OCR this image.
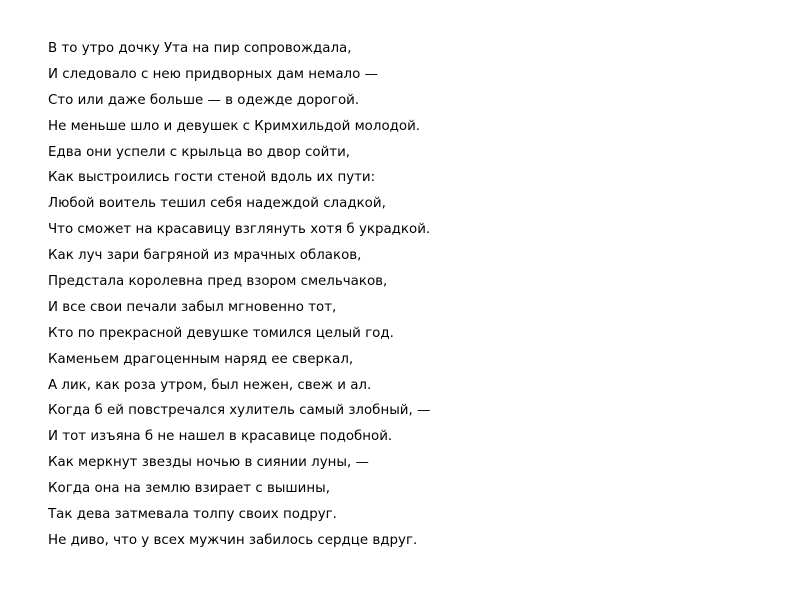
В то утро дочку Ута на пир сопровождала,
И следовало с нею придворных дам немало —
Сто или даже больше — в одежде дорогой.
Не меньше шло и девушек с Кримхильдой молодой.
Едва они успели с крыльца во двор сойти,
Как выстроились гости стеной вдоль их пути:
Любой воитель тешил себя надеждой сладкой,
Что сможет на красавицу взглянуть хотя б украдкой.
Как луч зари багряной из мрачных облаков,
Предстала королевна пред взором смельчаков,
И все свои печали забыл мгновенно тот,
Кто по прекрасной девушке томился целый год.
Каменьем драгоценным наряд ее сверкал,
А лик, как роза утром, был нежен, свеж и ал.
Когда б ей повстречался хулитель самый злобный, —
И тот изъяна б не нашел в красавице подобной.
Как меркнут звезды ночью в сиянии луны, —
Когда она на землю взирает с вышины,
Так дева затмевала толпу своих подруг.
Не диво, что у всех мужчин забилось сердце вдруг.
